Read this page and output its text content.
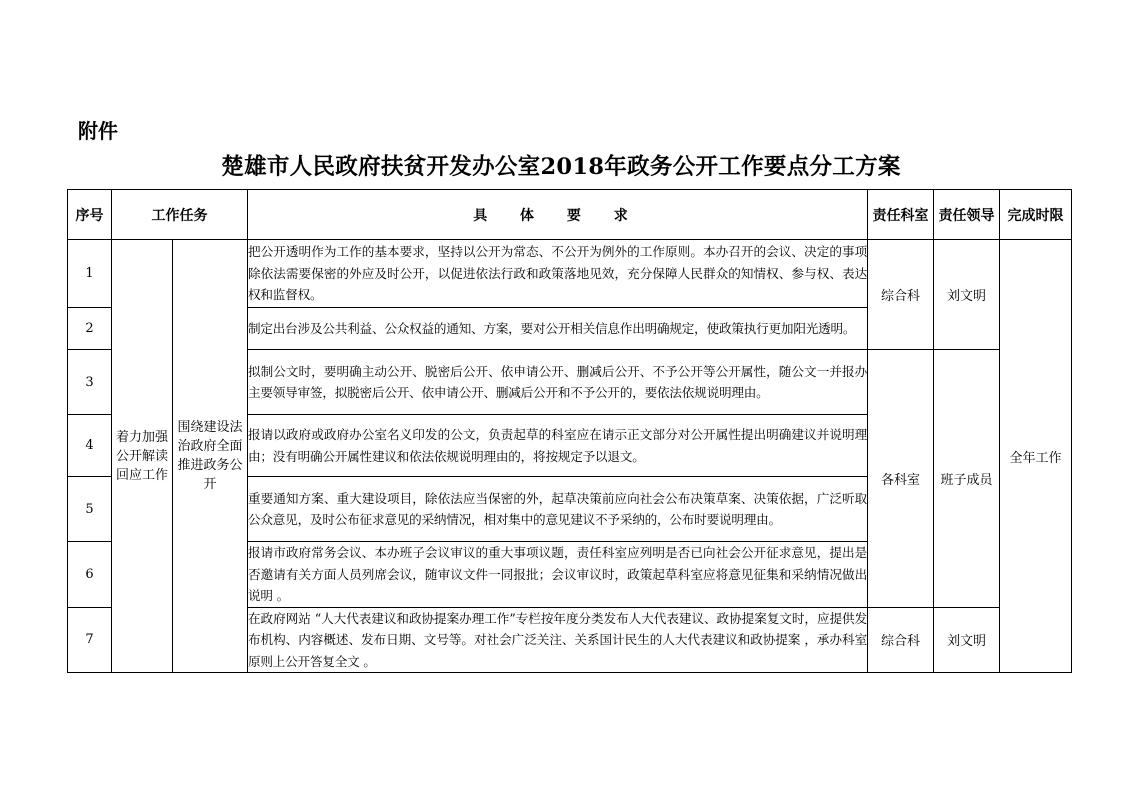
附件
楚雄市人民政府扶贫开发办公室2018年政务公开工作要点分工方案
序号	工作任务		具 体 要 求	责任科室	责任领导	完成时限
1	着力加强公开解读回应工作	围绕建设法治政府全面推进政务公开	把公开透明作为工作的基本要求，坚持以公开为常态、不公开为例外的工作原则。本办召开的会议、决定的事项除依法需要保密的外应及时公开，以促进依法行政和政策落地见效，充分保障人民群众的知情权、参与权、表达权和监督权。	综合科	刘文明	全年工作
2			制定出台涉及公共利益、公众权益的通知、方案，要对公开相关信息作出明确规定，使政策执行更加阳光透明。			

3			拟制公文时，要明确主动公开、脱密后公开、依申请公开、删减后公开、不予公开等公开属性，随公文一并报办主要领导审签，拟脱密后公开、依申请公开、删减后公开和不予公开的，要依法依规说明理由。	各科室	班子成员	
4			报请以政府或政府办公室名义印发的公文，负责起草的科室应在请示正文部分对公开属性提出明确建议并说明理由；没有明确公开属性建议和依法依规说明理由的，将按规定予以退文。			

5			重要通知方案、重大建设项目，除依法应当保密的外，起草决策前应向社会公布决策草案、决策依据，广泛听取公众意见，及时公布征求意见的采纳情况，相对集中的意见建议不予采纳的，公布时要说明理由。			

6			报请市政府常务会议、本办班子会议审议的重大事项议题，责任科室应列明是否已向社会公开征求意见，提出是否邀请有关方面人员列席会议，随审议文件一同报批；会议审议时，政策起草科室应将意见征集和采纳情况做出说明 。			

7			在政府网站 “人大代表建议和政协提案办理工作”专栏按年度分类发布人大代表建议、政协提案复文时，应提供发布机构、内容概述、发布日期、文号等。对社会广泛关注、关系国计民生的人大代表建议和政协提案 ，承办科室原则上公开答复全文 。	综合科	刘文明	
